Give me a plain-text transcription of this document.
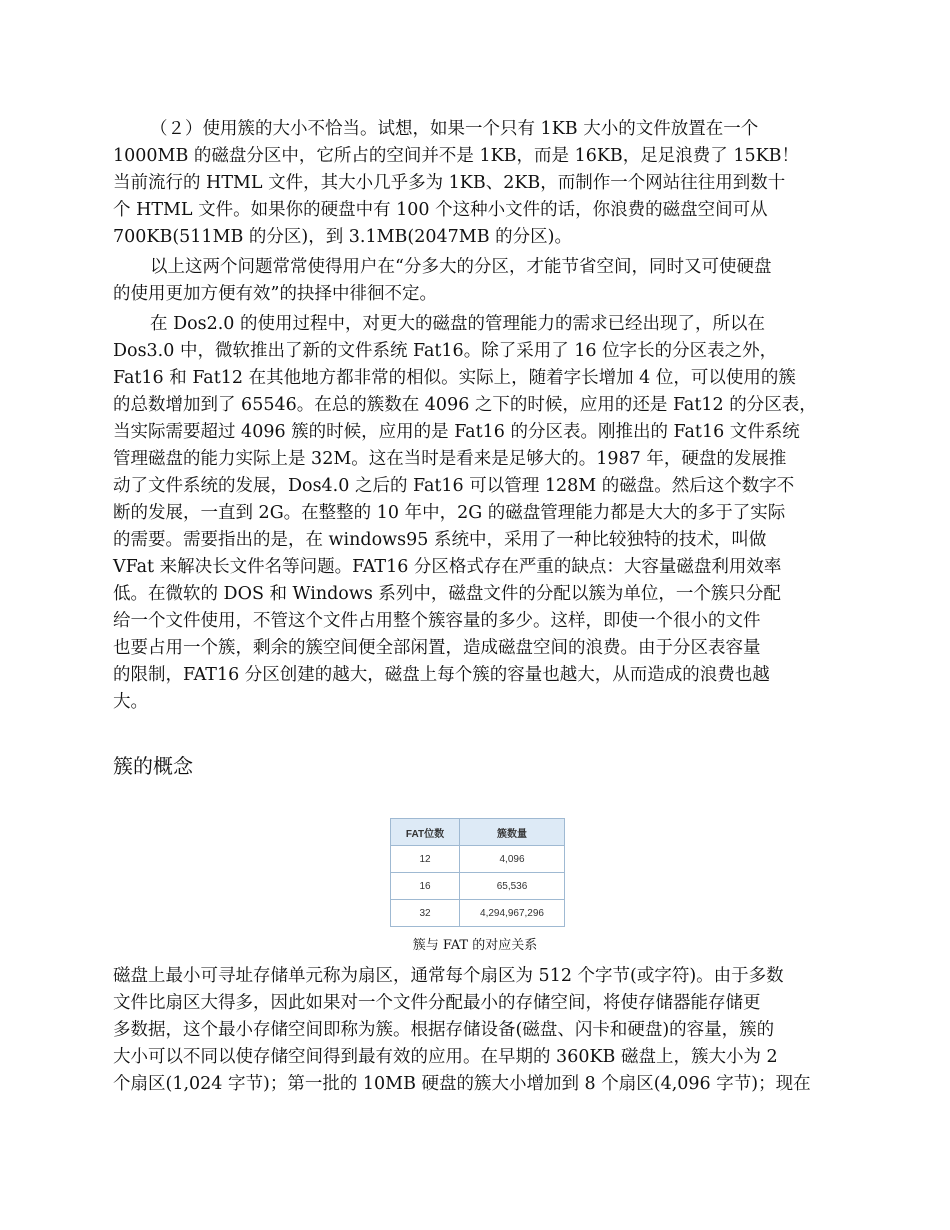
（２）使用簇的大小不恰当。试想，如果一个只有 1KB 大小的文件放置在一个

1000MB 的磁盘分区中，它所占的空间并不是 1KB，而是 16KB，足足浪费了 15KB！

当前流行的 HTML 文件，其大小几乎多为 1KB、2KB，而制作一个网站往往用到数十

个 HTML 文件。如果你的硬盘中有 100 个这种小文件的话，你浪费的磁盘空间可从

700KB(511MB 的分区)，到 3.1MB(2047MB 的分区)。

以上这两个问题常常使得用户在“分多大的分区，才能节省空间，同时又可使硬盘

的使用更加方便有效”的抉择中徘徊不定。

在 Dos2.0 的使用过程中，对更大的磁盘的管理能力的需求已经出现了，所以在

Dos3.0 中，微软推出了新的文件系统 Fat16。除了采用了 16 位字长的分区表之外，

Fat16 和 Fat12 在其他地方都非常的相似。实际上，随着字长增加 4 位，可以使用的簇

的总数增加到了 65546。在总的簇数在 4096 之下的时候，应用的还是 Fat12 的分区表，

当实际需要超过 4096 簇的时候，应用的是 Fat16 的分区表。刚推出的 Fat16 文件系统

管理磁盘的能力实际上是 32M。这在当时是看来是足够大的。1987 年，硬盘的发展推

动了文件系统的发展，Dos4.0 之后的 Fat16 可以管理 128M 的磁盘。然后这个数字不

断的发展，一直到 2G。在整整的 10 年中，2G 的磁盘管理能力都是大大的多于了实际

的需要。需要指出的是，在 windows95 系统中，采用了一种比较独特的技术，叫做

VFat 来解决长文件名等问题。FAT16 分区格式存在严重的缺点：大容量磁盘利用效率

低。在微软的 DOS 和 Windows 系列中，磁盘文件的分配以簇为单位，一个簇只分配

给一个文件使用，不管这个文件占用整个簇容量的多少。这样，即使一个很小的文件

也要占用一个簇，剩余的簇空间便全部闲置，造成磁盘空间的浪费。由于分区表容量

的限制，FAT16 分区创建的越大，磁盘上每个簇的容量也越大，从而造成的浪费也越

大。

簇的概念
FAT位数	簇数量
12	4,096
16	65,536
32	4,294,967,296

簇与 FAT 的对应关系

磁盘上最小可寻址存储单元称为扇区，通常每个扇区为 512 个字节(或字符)。由于多数

文件比扇区大得多，因此如果对一个文件分配最小的存储空间，将使存储器能存储更

多数据，这个最小存储空间即称为簇。根据存储设备(磁盘、闪卡和硬盘)的容量，簇的

大小可以不同以使存储空间得到最有效的应用。在早期的 360KB 磁盘上，簇大小为 2

个扇区(1,024 字节)；第一批的 10MB 硬盘的簇大小增加到 8 个扇区(4,096 字节)；现在
